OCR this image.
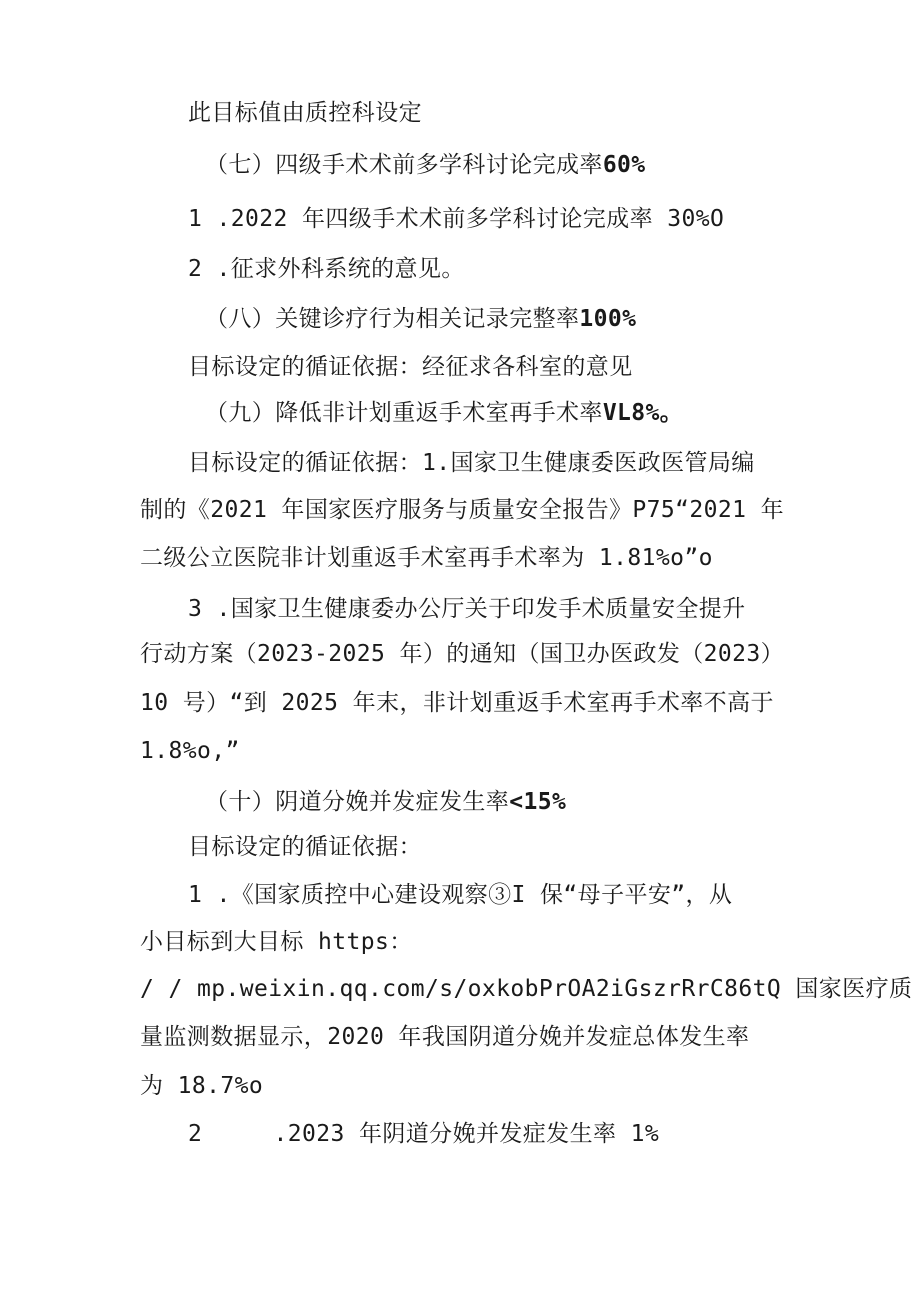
此目标值由质控科设定
（七）四级手术术前多学科讨论完成率60%
1 .2022 年四级手术术前多学科讨论完成率 30%O
2 .征求外科系统的意见。
（八）关键诊疗行为相关记录完整率100%
目标设定的循证依据：经征求各科室的意见
（九）降低非计划重返手术室再手术率VL8%。
目标设定的循证依据：1.国家卫生健康委医政医管局编
制的《2021 年国家医疗服务与质量安全报告》P75“2021 年
二级公立医院非计划重返手术室再手术率为 1.81%o”o
3 .国家卫生健康委办公厅关于印发手术质量安全提升
行动方案（2023-2025 年）的通知（国卫办医政发（2023）
10 号）“到 2025 年末，非计划重返手术室再手术率不高于
1.8%o,”
（十）阴道分娩并发症发生率<15%
目标设定的循证依据：
1 .《国家质控中心建设观察③I 保“母子平安”，从
小目标到大目标 https：
/ / mp.weixin.qq.com/s/oxkobPrOA2iGszrRrC86tQ 国家医疗质
量监测数据显示，2020 年我国阴道分娩并发症总体发生率
为 18.7%o
2     .2023 年阴道分娩并发症发生率 1%
